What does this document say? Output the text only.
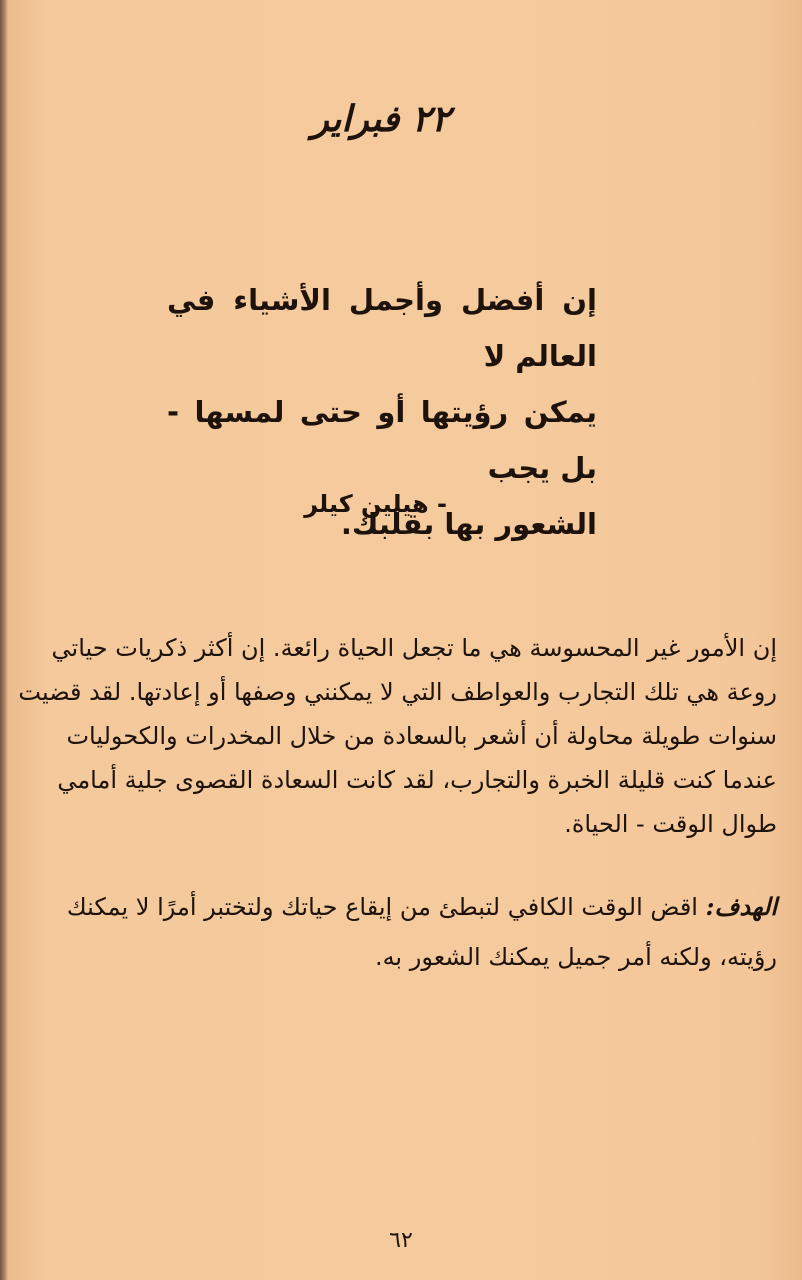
٢٢ فبراير
إن أفضل وأجمل الأشياء في العالم لا
يمكن رؤيتها أو حتى لمسها - بل يجب
الشعور بها بقلبك.
- هيلين كيلر
إن الأمور غير المحسوسة هي ما تجعل الحياة رائعة. إن أكثر ذكريات حياتي
روعة هي تلك التجارب والعواطف التي لا يمكنني وصفها أو إعادتها. لقد قضيت
سنوات طويلة محاولة أن أشعر بالسعادة من خلال المخدرات والكحوليات
عندما كنت قليلة الخبرة والتجارب، لقد كانت السعادة القصوى جلية أمامي
طوال الوقت - الحياة.
الهدف: اقض الوقت الكافي لتبطئ من إيقاع حياتك ولتختبر أمرًا لا يمكنك
رؤيته، ولكنه أمر جميل يمكنك الشعور به.
٦٢
